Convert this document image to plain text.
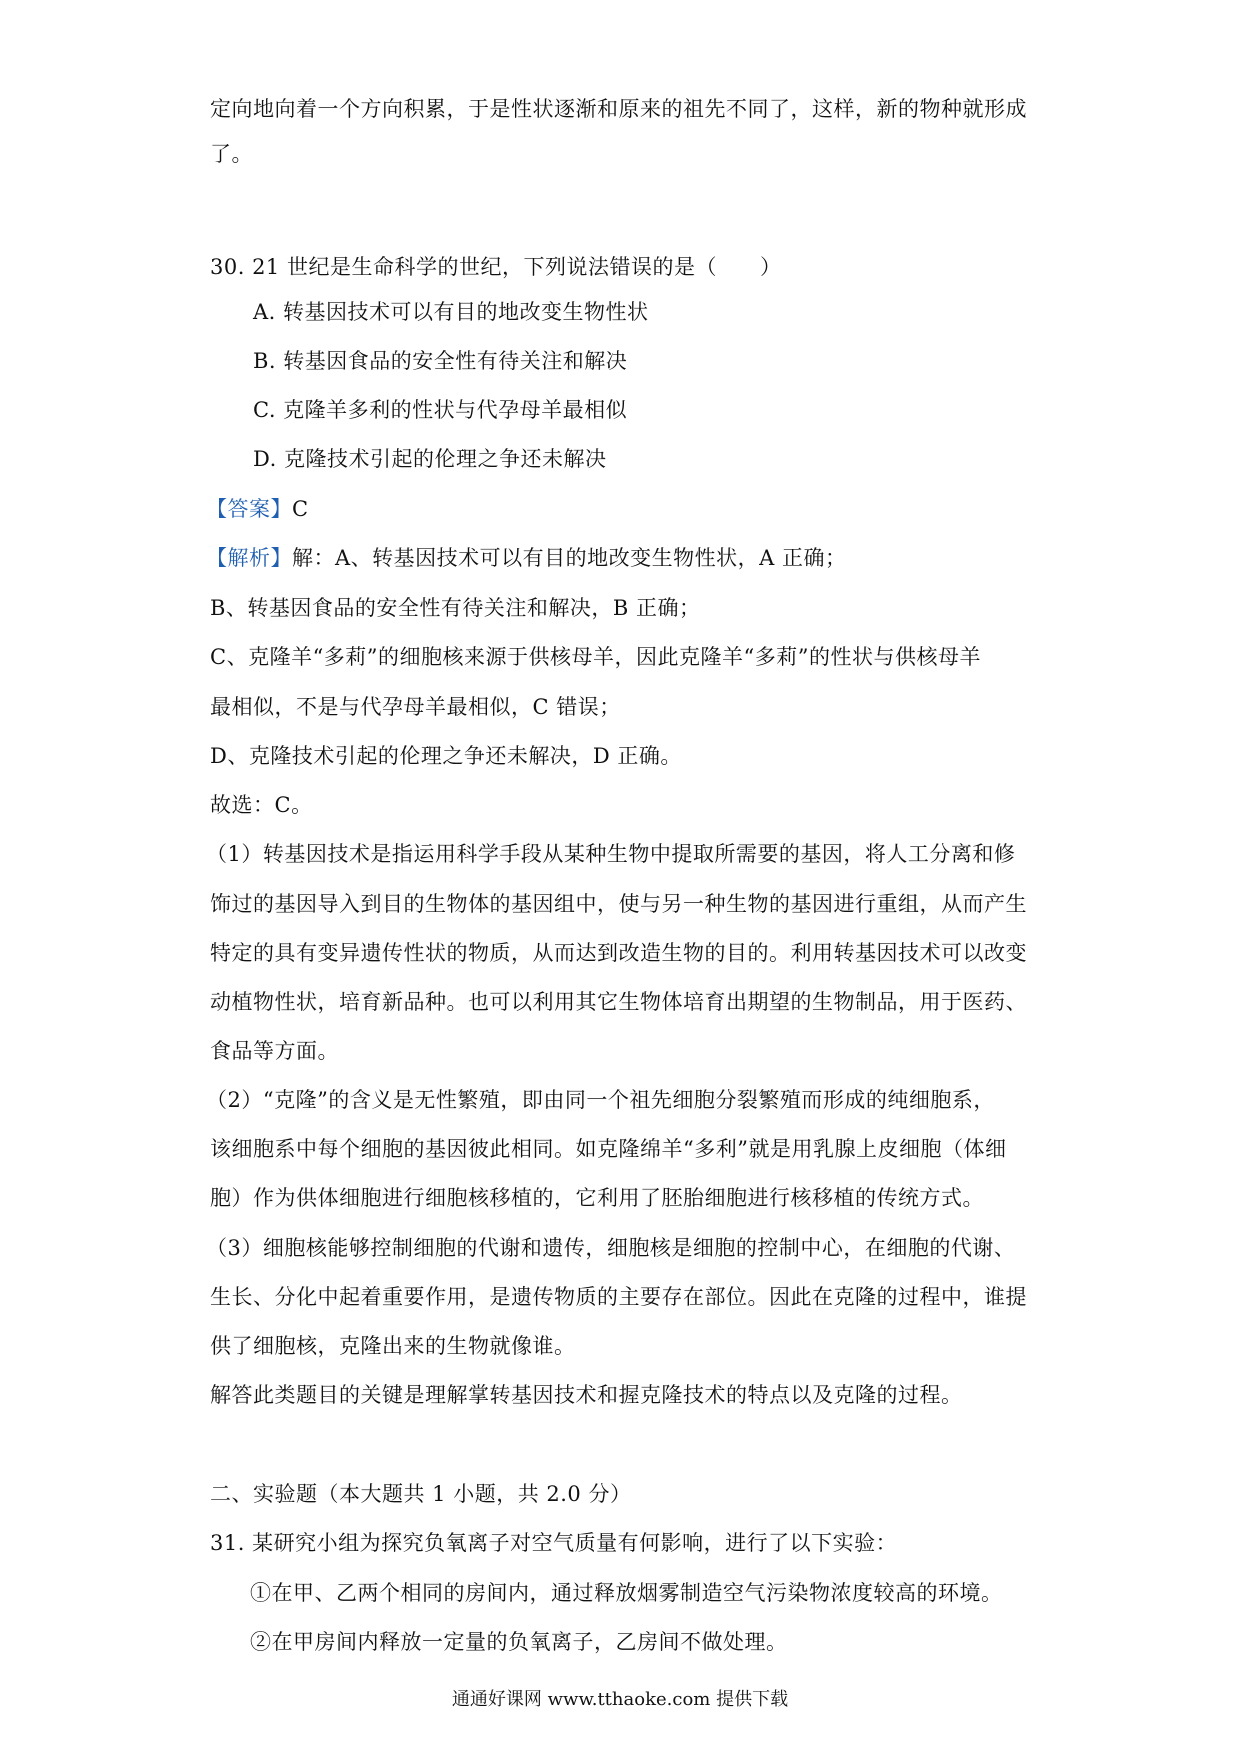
定向地向着一个方向积累，于是性状逐渐和原来的祖先不同了，这样，新的物种就形成
了。
30. 21 世纪是生命科学的世纪，下列说法错误的是（　　）
A. 转基因技术可以有目的地改变生物性状
B. 转基因食品的安全性有待关注和解决
C. 克隆羊多利的性状与代孕母羊最相似
D. 克隆技术引起的伦理之争还未解决
【答案】C
【解析】解：A、转基因技术可以有目的地改变生物性状，A 正确；
B、转基因食品的安全性有待关注和解决，B 正确；
C、克隆羊“多莉”的细胞核来源于供核母羊，因此克隆羊“多莉”的性状与供核母羊
最相似，不是与代孕母羊最相似，C 错误；
D、克隆技术引起的伦理之争还未解决，D 正确。
故选：C。
（1）转基因技术是指运用科学手段从某种生物中提取所需要的基因，将人工分离和修
饰过的基因导入到目的生物体的基因组中，使与另一种生物的基因进行重组，从而产生
特定的具有变异遗传性状的物质，从而达到改造生物的目的。利用转基因技术可以改变
动植物性状，培育新品种。也可以利用其它生物体培育出期望的生物制品，用于医药、
食品等方面。
（2）“克隆”的含义是无性繁殖，即由同一个祖先细胞分裂繁殖而形成的纯细胞系，
该细胞系中每个细胞的基因彼此相同。如克隆绵羊“多利”就是用乳腺上皮细胞（体细
胞）作为供体细胞进行细胞核移植的，它利用了胚胎细胞进行核移植的传统方式。
（3）细胞核能够控制细胞的代谢和遗传，细胞核是细胞的控制中心，在细胞的代谢、
生长、分化中起着重要作用，是遗传物质的主要存在部位。因此在克隆的过程中，谁提
供了细胞核，克隆出来的生物就像谁。
解答此类题目的关键是理解掌转基因技术和握克隆技术的特点以及克隆的过程。
二、实验题（本大题共 1 小题，共 2.0 分）
31. 某研究小组为探究负氧离子对空气质量有何影响，进行了以下实验：
①在甲、乙两个相同的房间内，通过释放烟雾制造空气污染物浓度较高的环境。
②在甲房间内释放一定量的负氧离子，乙房间不做处理。
通通好课网 www.tthaoke.com 提供下载
